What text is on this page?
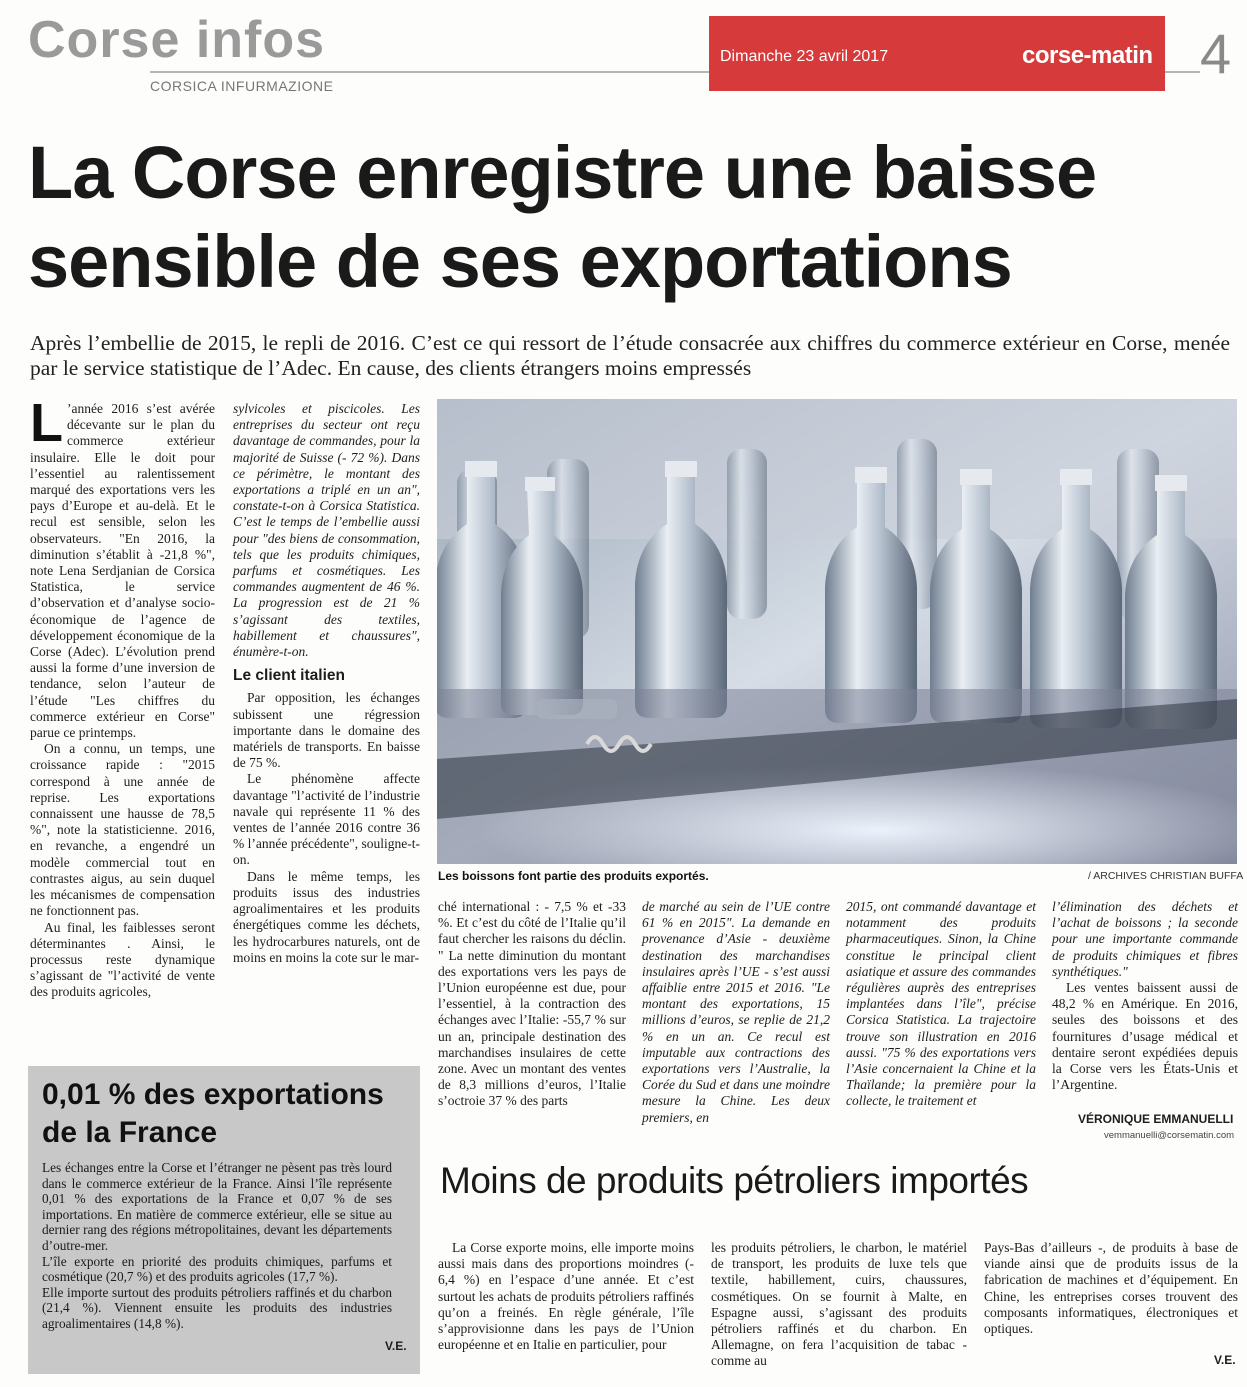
Corse infos
CORSICA INFURMAZIONE
Dimanche 23 avril 2017	corse-matin 4
La Corse enregistre une baisse
sensible de ses exportations
Après l’embellie de 2015, le repli de 2016. C’est ce qui ressort de l’étude consacrée aux chiffres du commerce extérieur en Corse, menée par le service statistique de l’Adec. En cause, des clients étrangers moins empressés

L ’année 2016 s’est avérée décevante sur le plan du commerce extérieur insulaire. Elle le doit pour l’essentiel au ralentissement marqué des exportations vers les pays d’Europe et au-delà. Et le recul est sensible, selon les observateurs. "En 2016, la diminution s’établit à -21,8 %", note Lena Serdjanian de Corsica Statistica, le service d’observation et d’analyse socio-économique de l’agence de développement économique de la Corse (Adec). L’évolution prend aussi la forme d’une inversion de tendance, selon l’auteur de l’étude "Les chiffres du commerce extérieur en Corse" parue ce printemps.

On a connu, un temps, une croissance rapide : "2015 correspond à une année de reprise. Les exportations connaissent une hausse de 78,5 %", note la statisticienne. 2016, en revanche, a engendré un modèle commercial tout en contrastes aigus, au sein duquel les mécanismes de compensation ne fonctionnent pas.

Au final, les faiblesses seront déterminantes . Ainsi, le processus reste dynamique s’agissant de "l’activité de vente des produits agricoles,

sylvicoles et piscicoles. Les entreprises du secteur ont reçu davantage de commandes, pour la majorité de Suisse (- 72 %). Dans ce périmètre, le montant des exportations a triplé en un an", constate-t-on à Corsica Statistica. C’est le temps de l’embellie aussi pour "des biens de consommation, tels que les produits chimiques, parfums et cosmétiques. Les commandes augmentent de 46 %. La progression est de 21 % s’agissant des textiles, habillement et chaussures", énumère-t-on.

Le client italien

Par opposition, les échanges subissent une régression importante dans le domaine des matériels de transports. En baisse de 75 %.

Le phénomène affecte davantage "l’activité de l’industrie navale qui représente 11 % des ventes de l’année 2016 contre 36 % l’année précédente", souligne-t-on.

Dans le même temps, les produits issus des industries agroalimentaires et les produits énergétiques comme les déchets, les hydrocarbures naturels, ont de moins en moins la cote sur le mar-

Les boissons font partie des produits exportés.	/ ARCHIVES CHRISTIAN BUFFA

ché international : - 7,5 % et -33 %. Et c’est du côté de l’Italie qu’il faut chercher les raisons du déclin. " La nette diminution du montant des exportations vers les pays de l’Union européenne est due, pour l’essentiel, à la contraction des échanges avec l’Italie: -55,7 % sur un an, principale destination des marchandises insulaires de cette zone. Avec un montant des ventes de 8,3 millions d’euros, l’Italie s’octroie 37 % des parts

de marché au sein de l’UE contre 61 % en 2015". La demande en provenance d’Asie - deuxième destination des marchandises insulaires après l’UE - s’est aussi affaiblie entre 2015 et 2016. "Le montant des exportations, 15 millions d’euros, se replie de 21,2 % en un an. Ce recul est imputable aux contractions des exportations vers l’Australie, la Corée du Sud et dans une moindre mesure la Chine. Les deux premiers, en

2015, ont commandé davantage et notamment des produits pharmaceutiques. Sinon, la Chine constitue le principal client asiatique et assure des commandes régulières auprès des entreprises implantées dans l’île", précise Corsica Statistica. La trajectoire trouve son illustration en 2016 aussi. "75 % des exportations vers l’Asie concernaient la Chine et la Thaïlande; la première pour la collecte, le traitement et

l’élimination des déchets et l’achat de boissons ; la seconde pour une importante commande de produits chimiques et fibres synthétiques."

Les ventes baissent aussi de 48,2 % en Amérique. En 2016, seules des boissons et des fournitures d’usage médical et dentaire seront expédiées depuis la Corse vers les États-Unis et l’Argentine.

VÉRONIQUE EMMANUELLI
vemmanuelli@corsematin.com
0,01 % des exportations
de la France

Les échanges entre la Corse et l’étranger ne pèsent pas très lourd dans le commerce extérieur de la France. Ainsi l’île représente 0,01 % des exportations de la France et 0,07 % de ses importations. En matière de commerce extérieur, elle se situe au dernier rang des régions métropolitaines, devant les départements d’outre-mer.

L’île exporte en priorité des produits chimiques, parfums et cosmétique (20,7 %) et des produits agricoles (17,7 %).

Elle importe surtout des produits pétroliers raffinés et du charbon (21,4 %). Viennent ensuite les produits des industries agroalimentaires (14,8 %).

V.E.
Moins de produits pétroliers importés

La Corse exporte moins, elle importe moins aussi mais dans des proportions moindres (- 6,4 %) en l’espace d’une année. Et c’est surtout les achats de produits pétroliers raffinés qu’on a freinés. En règle générale, l’île s’approvisionne dans les pays de l’Union européenne et en Italie en particulier, pour

les produits pétroliers, le charbon, le matériel de transport, les produits de luxe tels que textile, habillement, cuirs, chaussures, cosmétiques. On se fournit à Malte, en Espagne aussi, s’agissant des produits pétroliers raffinés et du charbon. En Allemagne, on fera l’acquisition de tabac - comme au

Pays-Bas d’ailleurs -, de produits à base de viande ainsi que de produits issus de la fabrication de machines et d’équipement. En Chine, les entreprises corses trouvent des composants informatiques, électroniques et optiques.

V.E.
